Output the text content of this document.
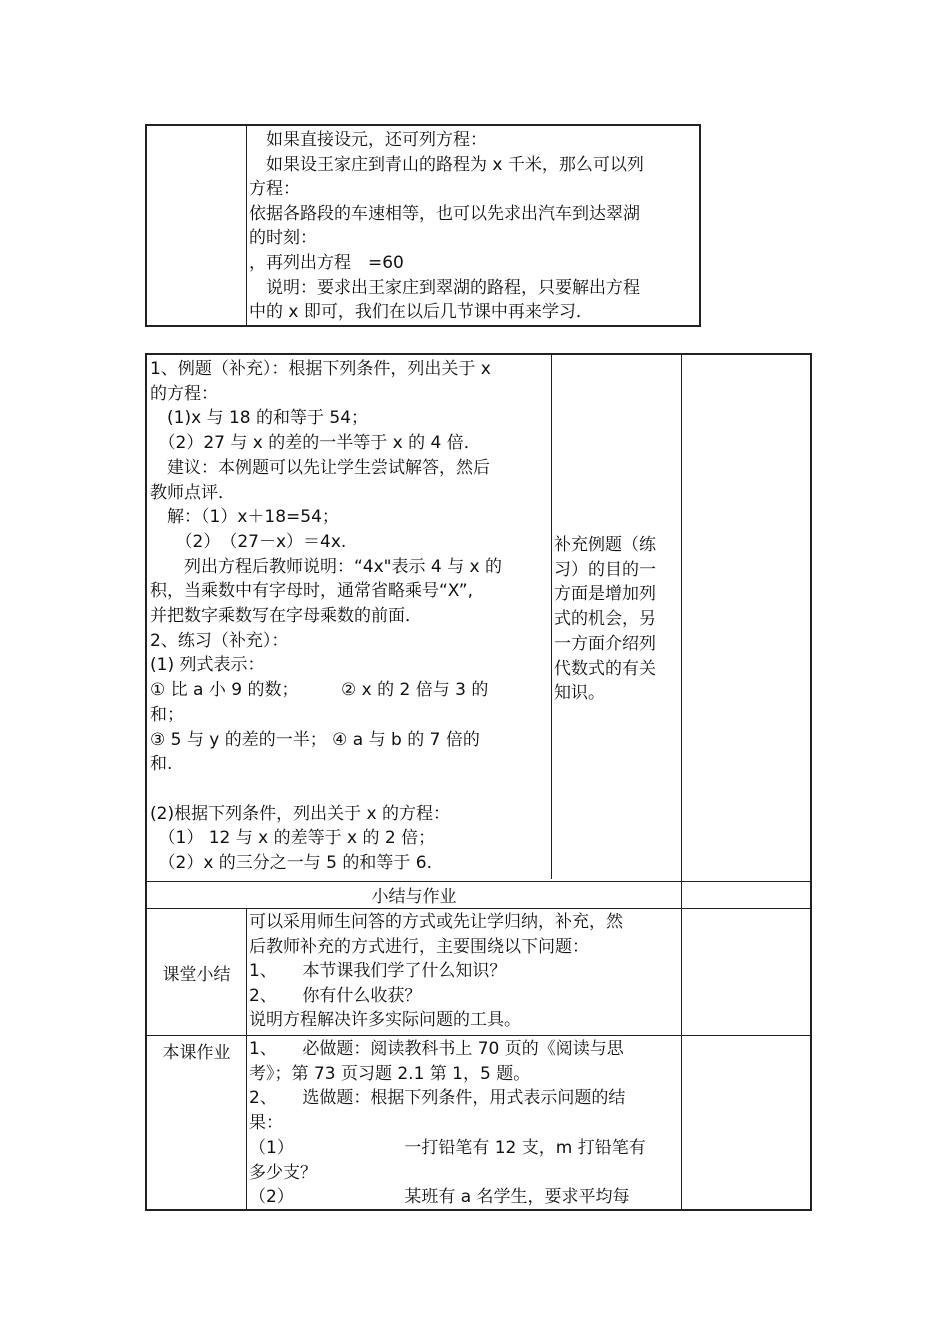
　如果直接设元，还可列方程：
　如果设王家庄到青山的路程为 x 千米，那么可以列
方程：
依据各路段的车速相等，也可以先求出汽车到达翠湖
的时刻：
，再列出方程　=60
　说明：要求出王家庄到翠湖的路程，只要解出方程
中的 x 即可，我们在以后几节课中再来学习．
1、例题（补充）：根据下列条件，列出关于 x
的方程：
　(1)x 与 18 的和等于 54；
　（2）27 与 x 的差的一半等于 x 的 4 倍．
　建议：本例题可以先让学生尝试解答，然后
教师点评．
　解：（1）x＋18=54；
　　（2）　（27－x）＝4x.
　　列出方程后教师说明：“4x"表示 4 与 x 的
积，当乘数中有字母时，通常省略乘号“X”,
并把数字乘数写在字母乘数的前面．
2、练习（补充）：
(1) 列式表示：
① 比 a 小 9 的数；　　　② x 的 2 倍与 3 的
和；
③ 5 与 y 的差的一半； ④ a 与 b 的 7 倍的
和.
(2)根据下列条件，列出关于 x 的方程：
　（1） 12 与 x 的差等于 x 的 2 倍；
　（2）x 的三分之一与 5 的和等于 6.
补充例题（练
习）的目的一
方面是增加列
式的机会，另
一方面介绍列
代数式的有关
知识。
小结与作业
课堂小结
可以采用师生问答的方式或先让学归纳，补充，然
后教师补充的方式进行，主要围绕以下问题：
1、　　本节课我们学了什么知识？
2、　　你有什么收获？
说明方程解决许多实际问题的工具。
本课作业	1、　　必做题：阅读教科书上 70 页的《阅读与思
考》；第 73 页习题 2.1 第 1，5 题。
2、　　选做题：根据下列条件，用式表示问题的结
果：
（1）　　　　　　　一打铅笔有 12 支，m 打铅笔有
多少支？
（2）　　　　　　　某班有 a 名学生，要求平均每
